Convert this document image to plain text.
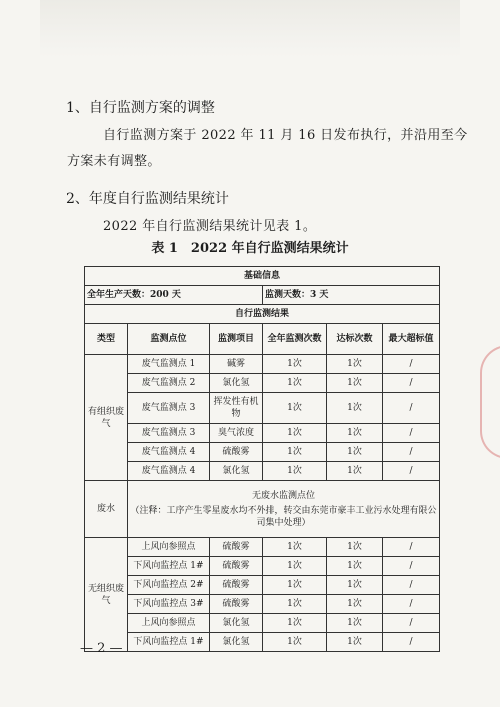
1、自行监测方案的调整
自行监测方案于 2022 年 11 月 16 日发布执行，并沿用至今
方案未有调整。
2、年度自行监测结果统计
2022 年自行监测结果统计见表 1。
表 1　2022 年自行监测结果统计
基础信息					
全年生产天数：200 天			监测天数：3 天		
自行监测结果					
类型	监测点位	监测项目	全年监测次数	达标次数	最大超标值
有组织废气	废气监测点 1	碱雾	1次	1次	/
	废气监测点 2	氯化氢	1次	1次	/
	废气监测点 3	挥发性有机物	1次	1次	/
	废气监测点 3	臭气浓度	1次	1次	/
	废气监测点 4	硫酸雾	1次	1次	/
	废气监测点 4	氯化氢	1次	1次	/
废水	无废水监测点位
（注释：工序产生零星废水均不外排，转交由东莞市豪丰工业污水处理有限公司集中处理）				

无组织废气	上风向参照点	硫酸雾	1次	1次	/
	下风向监控点 1#	硫酸雾	1次	1次	/
	下风向监控点 2#	硫酸雾	1次	1次	/
	下风向监控点 3#	硫酸雾	1次	1次	/
	上风向参照点	氯化氢	1次	1次	/
	下风向监控点 1#	氯化氢	1次	1次	/
— 2 —
